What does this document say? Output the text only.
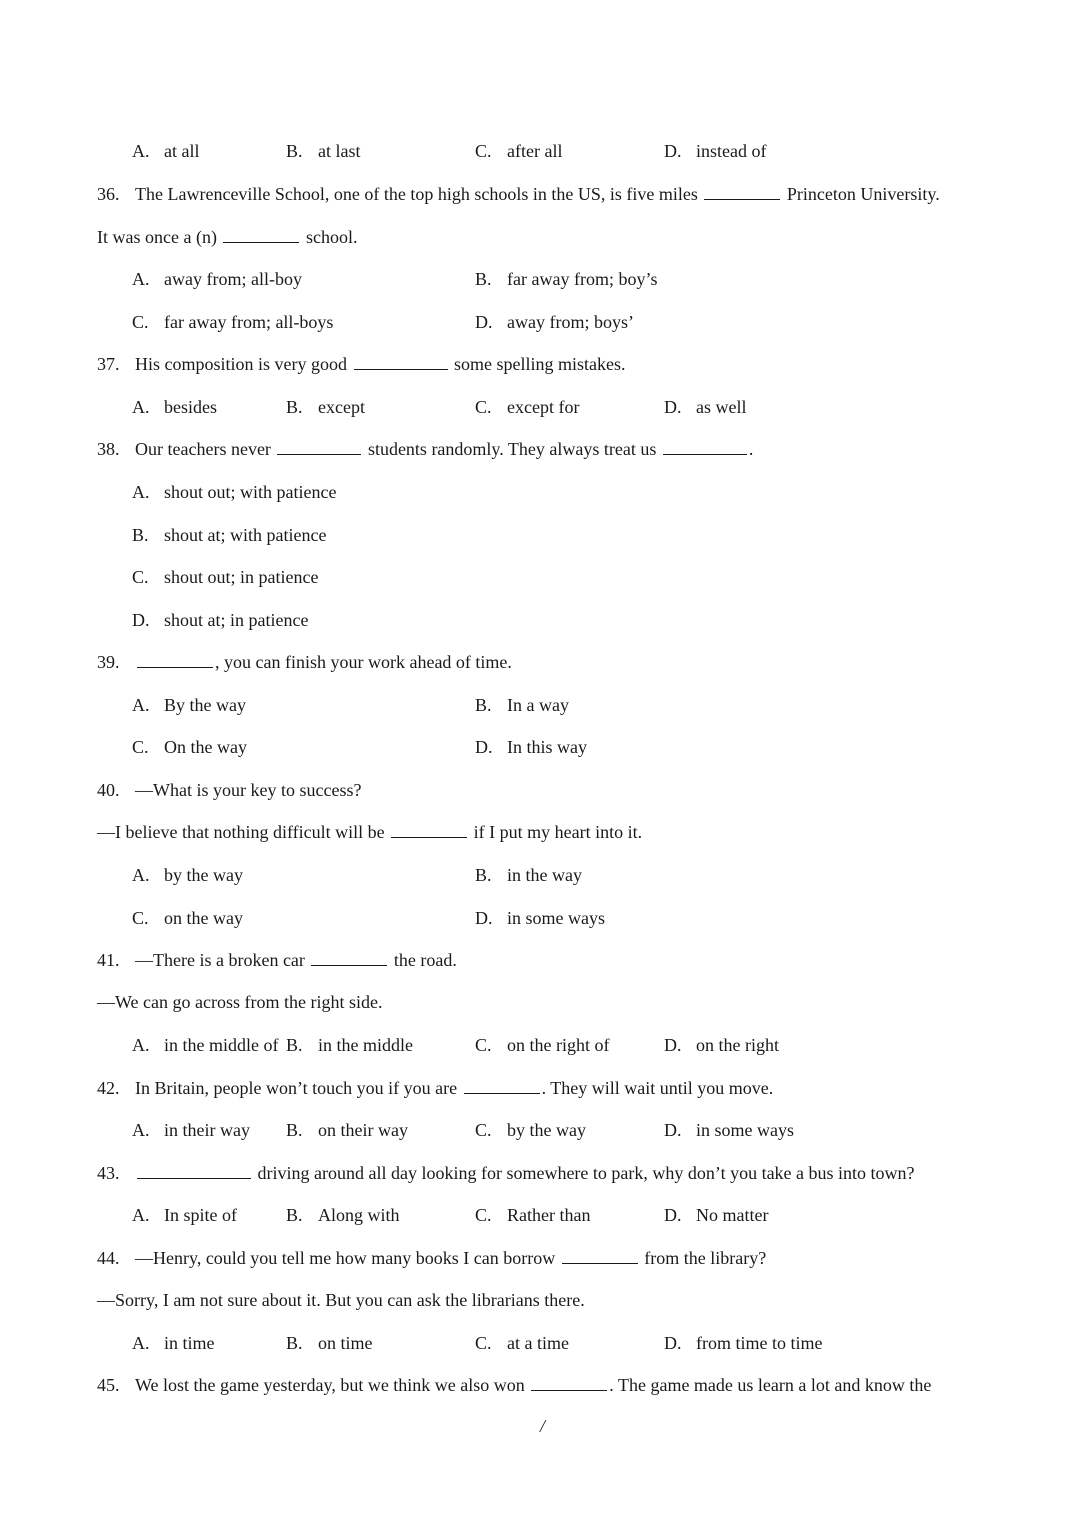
A. at all	B. at last	C. after all	D. instead of
36. The Lawrenceville School, one of the top high schools in the US, is five miles	Princeton University.
It was once a (n)	school.
A. away from; all-boy	B. far away from; boy’s
C. far away from; all-boys	D. away from; boys’
37. His composition is very good	some spelling mistakes.
A. besides	B. except	C. except for	D. as well
38. Our teachers never	students randomly. They always treat us	.
A. shout out; with patience
B. shout at; with patience
C. shout out; in patience
D. shout at; in patience
39.	, you can finish your work ahead of time.
A. By the way	B. In a way
C. On the way	D. In this way
40. —What is your key to success?
—I believe that nothing difficult will be	if I put my heart into it.
A. by the way	B. in the way
C. on the way	D. in some ways
41. —There is a broken car	the road.
—We can go across from the right side.
A. in the middle of B. in the middle	C. on the right of	D. on the right
42. In Britain, people won’t touch you if you are	. They will wait until you move.
A. in their way B. on their way	C. by the way	D. in some ways
43.	driving around all day looking for somewhere to park, why don’t you take a bus into town?
A. In spite of	B. Along with	C. Rather than	D. No matter
44. —Henry, could you tell me how many books I can borrow	from the library?
—Sorry, I am not sure about it. But you can ask the librarians there.
A. in time	B. on time	C. at a time	D. from time to time
45. We lost the game yesterday, but we think we also won	. The game made us learn a lot and know the
/
